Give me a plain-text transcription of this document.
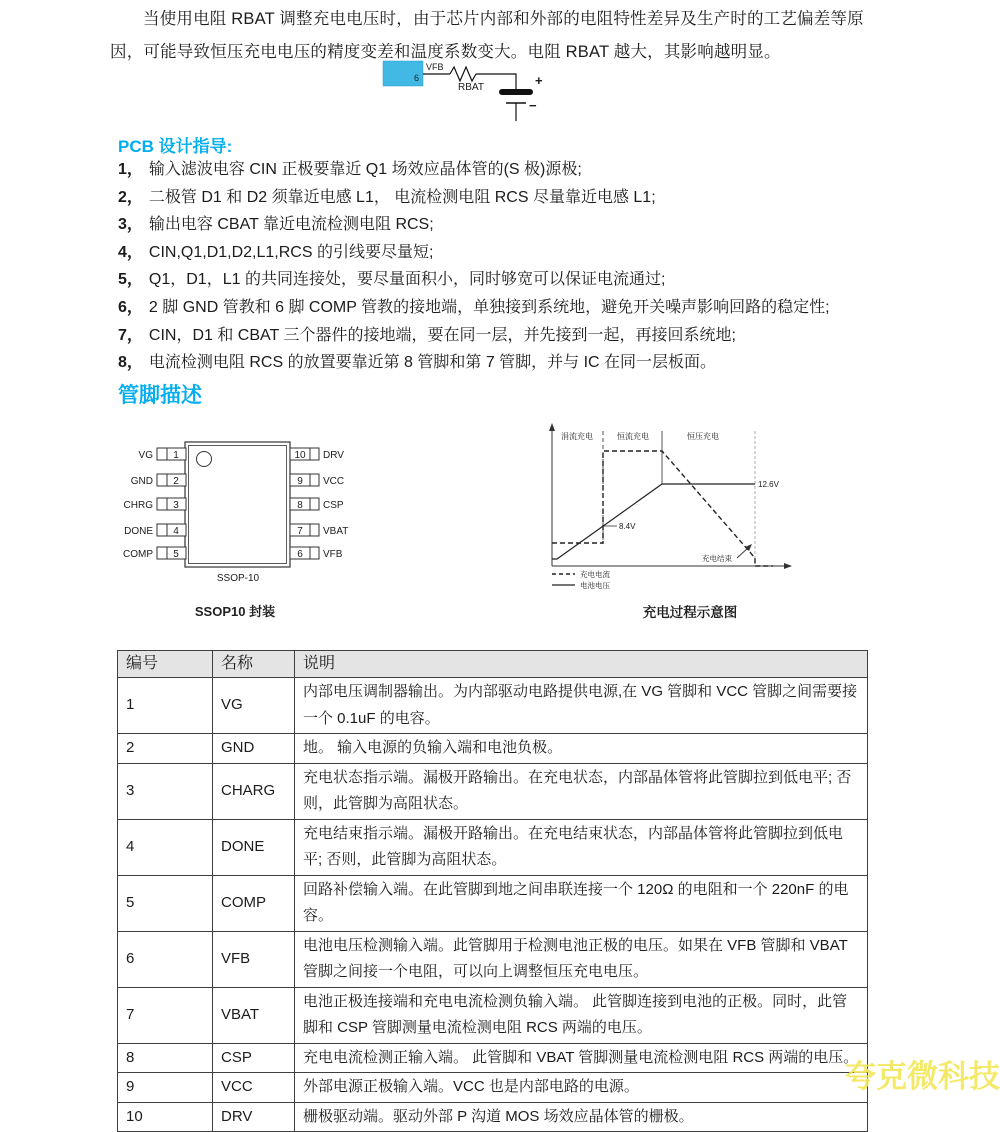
当使用电阻 RBAT 调整充电电压时，由于芯片内部和外部的电阻特性差异及生产时的工艺偏差等原因，可能导致恒压充电电压的精度变差和温度系数变大。电阻 RBAT 越大，其影响越明显。
6
VFB
RBAT	+
−
PCB 设计指导:
1， 输入滤波电容 CIN 正极要靠近 Q1 场效应晶体管的(S 极)源极;
2， 二极管 D1 和 D2 须靠近电感 L1， 电流检测电阻 RCS 尽量靠近电感 L1;
3， 输出电容 CBAT 靠近电流检测电阻 RCS;
4， CIN,Q1,D1,D2,L1,RCS 的引线要尽量短;
5， Q1，D1，L1 的共同连接处，要尽量面积小，同时够宽可以保证电流通过;
6， 2 脚 GND 管教和 6 脚 COMP 管教的接地端，单独接到系统地，避免开关噪声影响回路的稳定性;
7， CIN，D1 和 CBAT 三个器件的接地端，要在同一层，并先接到一起，再接回系统地;
8， 电流检测电阻 RCS 的放置要靠近第 8 管脚和第 7 管脚，并与 IC 在同一层板面。
管脚描述
1
VG
2
GND
3
CHRG
4
DONE
5
COMP
10 DRV
9 VCC
8 CSP
7 VBAT
6 VFB
SSOP-10
SSOP10 封装
涓流充电	恒流充电	恒压充电
12.6V
8.4V
充电结束
充电电流
电池电压
充电过程示意图
编号	名称	说明
1	VG	内部电压调制器输出。为内部驱动电路提供电源,在 VG 管脚和 VCC 管脚之间需要接一个 0.1uF 的电容。
2	GND	地。 输入电源的负输入端和电池负极。
3	CHARG	充电状态指示端。漏极开路输出。在充电状态，内部晶体管将此管脚拉到低电平; 否则，此管脚为高阻状态。
4	DONE	充电结束指示端。漏极开路输出。在充电结束状态，内部晶体管将此管脚拉到低电平; 否则，此管脚为高阻状态。
5	COMP	回路补偿输入端。在此管脚到地之间串联连接一个 120Ω 的电阻和一个 220nF 的电容。
6	VFB	电池电压检测输入端。此管脚用于检测电池正极的电压。如果在 VFB 管脚和 VBAT 管脚之间接一个电阻，可以向上调整恒压充电电压。
7	VBAT	电池正极连接端和充电电流检测负输入端。 此管脚连接到电池的正极。同时，此管脚和 CSP 管脚测量电流检测电阻 RCS 两端的电压。
8	CSP	充电电流检测正输入端。 此管脚和 VBAT 管脚测量电流检测电阻 RCS 两端的电压。
9	VCC	外部电源正极输入端。VCC 也是内部电路的电源。
10	DRV	栅极驱动端。驱动外部 P 沟道 MOS 场效应晶体管的栅极。
夸克微科技
